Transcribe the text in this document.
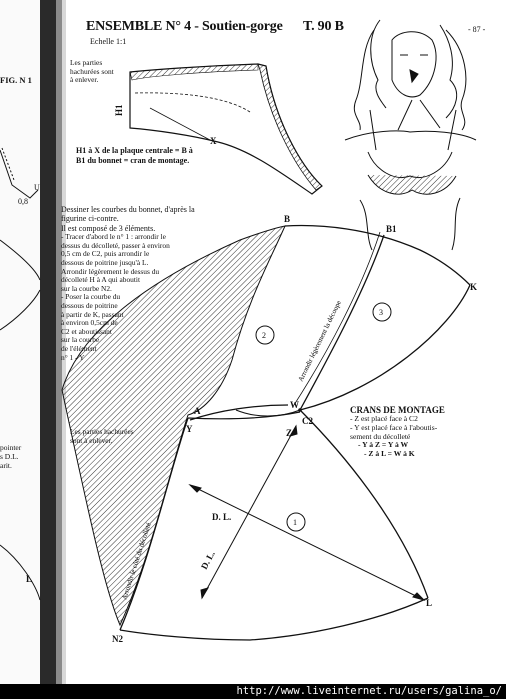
U
0,8
L
H1
X
2
3
1
B
B1
A
W
C2
Z
Y
K
L
N2
Arrondir légèrement la découpe
Arrondir le côté du décolleté
D. L.
D. L.
ENSEMBLE N° 4 - Soutien-gorge T. 90 B	- 87 -
Echelle 1:1
FIG. N 1
Les parties
hachurées sont
à enlever.
H1 à X de la plaque centrale = B à
B1 du bonnet = cran de montage.
Dessiner les courbes du bonnet, d'après la
figurine ci-contre.
Il est composé de 3 éléments.
- Tracer d'abord le n° 1 : arrondir le
dessus du décolleté, passer à environ
0,5 cm de C2, puis arrondir le
dessous de poitrine jusqu'à L.
Arrondir légèrement le dessus du
décolleté H à A qui aboutit
sur la courbe N2.
- Poser la courbe du
dessous de poitrine
à partir de K, passant
à environ 0,5cm de
C2 et aboutissant
sur la courbe
de l'élément
n° 1 - Y
Les parties hachurées
sont à enlever.
CRANS DE MONTAGE
- Z est placé face à C2
- Y est placé face à l'aboutis-
sement du décolleté
- Y à Z = Y à W
- Z à L = W à K
pointer
s D.L.
arit.
http://www.liveinternet.ru/users/galina_o/
